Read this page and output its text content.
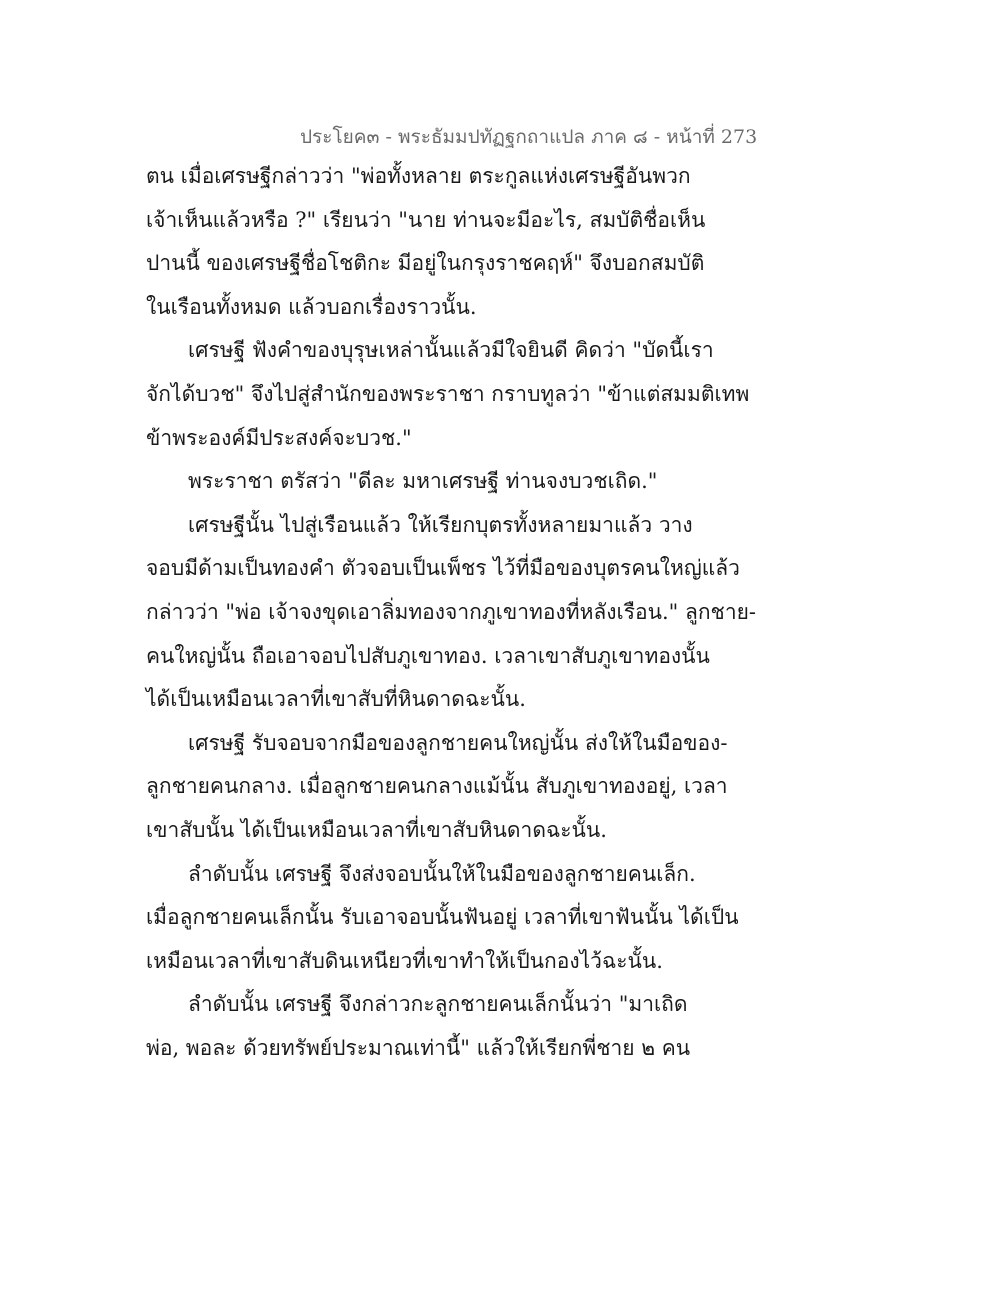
ประโยค๓ - พระธัมมปทัฏฐกถาแปล ภาค ๘ - หน้าที่ 273
ตน เมื่อเศรษฐีกล่าวว่า "พ่อทั้งหลาย ตระกูลแห่งเศรษฐีอันพวก
เจ้าเห็นแล้วหรือ ?" เรียนว่า "นาย ท่านจะมีอะไร, สมบัติชื่อเห็น
ปานนี้ ของเศรษฐีชื่อโชติกะ มีอยู่ในกรุงราชคฤห์" จึงบอกสมบัติ
ในเรือนทั้งหมด แล้วบอกเรื่องราวนั้น.
เศรษฐี ฟังคำของบุรุษเหล่านั้นแล้วมีใจยินดี คิดว่า "บัดนี้เรา
จักได้บวช" จึงไปสู่สำนักของพระราชา กราบทูลว่า "ข้าแต่สมมติเทพ
ข้าพระองค์มีประสงค์จะบวช."
พระราชา ตรัสว่า "ดีละ มหาเศรษฐี ท่านจงบวชเถิด."
เศรษฐีนั้น ไปสู่เรือนแล้ว ให้เรียกบุตรทั้งหลายมาแล้ว วาง
จอบมีด้ามเป็นทองคำ ตัวจอบเป็นเพ็ชร ไว้ที่มือของบุตรคนใหญ่แล้ว
กล่าวว่า "พ่อ เจ้าจงขุดเอาลิ่มทองจากภูเขาทองที่หลังเรือน." ลูกชาย-
คนใหญ่นั้น ถือเอาจอบไปสับภูเขาทอง. เวลาเขาสับภูเขาทองนั้น
ได้เป็นเหมือนเวลาที่เขาสับที่หินดาดฉะนั้น.
เศรษฐี รับจอบจากมือของลูกชายคนใหญ่นั้น ส่งให้ในมือของ-
ลูกชายคนกลาง. เมื่อลูกชายคนกลางแม้นั้น สับภูเขาทองอยู่, เวลา
เขาสับนั้น ได้เป็นเหมือนเวลาที่เขาสับหินดาดฉะนั้น.
ลำดับนั้น เศรษฐี จึงส่งจอบนั้นให้ในมือของลูกชายคนเล็ก.
เมื่อลูกชายคนเล็กนั้น รับเอาจอบนั้นฟันอยู่ เวลาที่เขาฟันนั้น ได้เป็น
เหมือนเวลาที่เขาสับดินเหนียวที่เขาทำให้เป็นกองไว้ฉะนั้น.
ลำดับนั้น เศรษฐี จึงกล่าวกะลูกชายคนเล็กนั้นว่า "มาเถิด
พ่อ, พอละ ด้วยทรัพย์ประมาณเท่านี้" แล้วให้เรียกพี่ชาย ๒ คน
